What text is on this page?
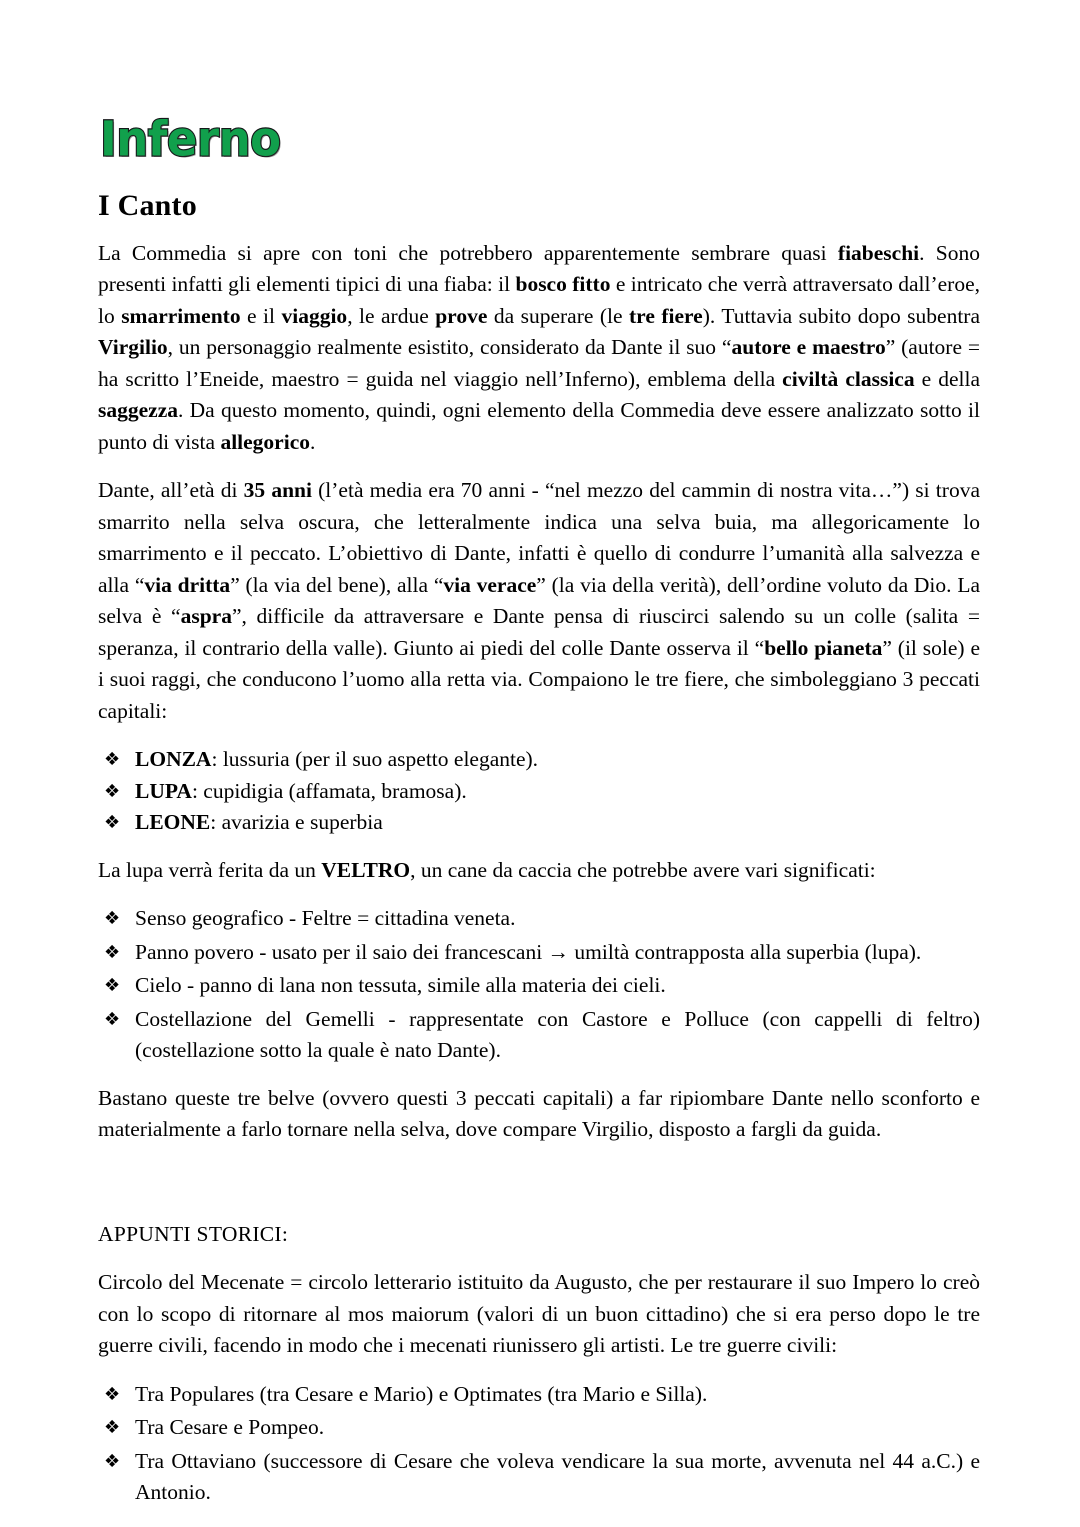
Inferno
I Canto

La Commedia si apre con toni che potrebbero apparentemente sembrare quasi fiabeschi. Sono presenti infatti gli elementi tipici di una fiaba: il bosco fitto e intricato che verrà attraversato dall’eroe, lo smarrimento e il viaggio, le ardue prove da superare (le tre fiere). Tuttavia subito dopo subentra Virgilio, un personaggio realmente esistito, considerato da Dante il suo “autore e maestro” (autore = ha scritto l’Eneide, maestro = guida nel viaggio nell’Inferno), emblema della civiltà classica e della saggezza. Da questo momento, quindi, ogni elemento della Commedia deve essere analizzato sotto il punto di vista allegorico.

Dante, all’età di 35 anni (l’età media era 70 anni - “nel mezzo del cammin di nostra vita…”) si trova smarrito nella selva oscura, che letteralmente indica una selva buia, ma allegoricamente lo smarrimento e il peccato. L’obiettivo di Dante, infatti è quello di condurre l’umanità alla salvezza e alla “via dritta” (la via del bene), alla “via verace” (la via della verità), dell’ordine voluto da Dio. La selva è “aspra”, difficile da attraversare e Dante pensa di riuscirci salendo su un colle (salita = speranza, il contrario della valle). Giunto ai piedi del colle Dante osserva il “bello pianeta” (il sole) e i suoi raggi, che conducono l’uomo alla retta via. Compaiono le tre fiere, che simboleggiano 3 peccati capitali:

❖ LONZA: lussuria (per il suo aspetto elegante).
❖ LUPA: cupidigia (affamata, bramosa).
❖ LEONE: avarizia e superbia

La lupa verrà ferita da un VELTRO, un cane da caccia che potrebbe avere vari significati:

❖ Senso geografico - Feltre = cittadina veneta.
❖ Panno povero - usato per il saio dei francescani → umiltà contrapposta alla superbia (lupa).
❖ Cielo - panno di lana non tessuta, simile alla materia dei cieli.
❖ Costellazione del Gemelli - rappresentate con Castore e Polluce (con cappelli di feltro) (costellazione sotto la quale è nato Dante).

Bastano queste tre belve (ovvero questi 3 peccati capitali) a far ripiombare Dante nello sconforto e materialmente a farlo tornare nella selva, dove compare Virgilio, disposto a fargli da guida.

APPUNTI STORICI:

Circolo del Mecenate = circolo letterario istituito da Augusto, che per restaurare il suo Impero lo creò con lo scopo di ritornare al mos maiorum (valori di un buon cittadino) che si era perso dopo le tre guerre civili, facendo in modo che i mecenati riunissero gli artisti. Le tre guerre civili:

❖ Tra Populares (tra Cesare e Mario) e Optimates (tra Mario e Silla).
❖ Tra Cesare e Pompeo.
❖ Tra Ottaviano (successore di Cesare che voleva vendicare la sua morte, avvenuta nel 44 a.C.) e Antonio.
